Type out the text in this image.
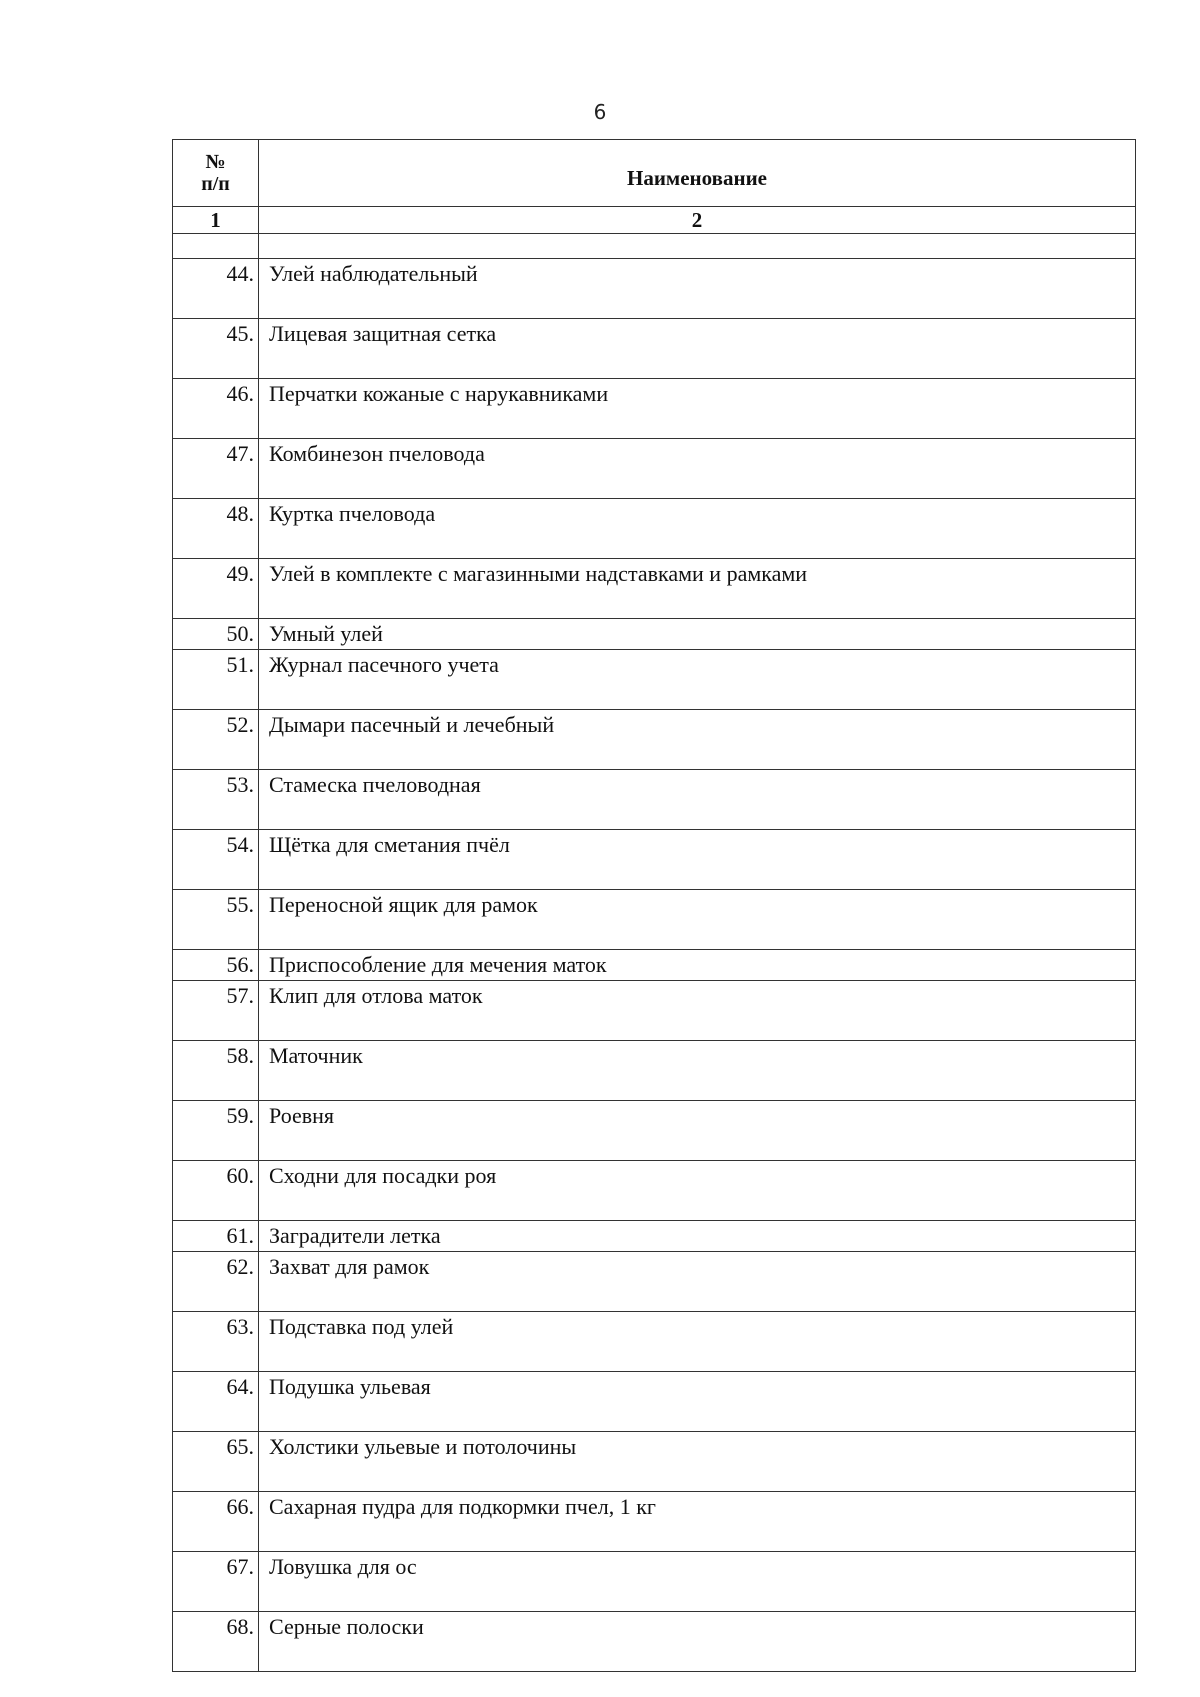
6
№
п/п	Наименование
1	2

44.	Улей наблюдательный
45.	Лицевая защитная сетка
46.	Перчатки кожаные с нарукавниками
47.	Комбинезон пчеловода
48.	Куртка пчеловода
49.	Улей в комплекте с магазинными надставками и рамками
50.	Умный улей
51.	Журнал пасечного учета
52.	Дымари пасечный и лечебный
53.	Стамеска пчеловодная
54.	Щётка для сметания пчёл
55.	Переносной ящик для рамок
56.	Приспособление для мечения маток
57.	Клип для отлова маток
58.	Маточник
59.	Роевня
60.	Сходни для посадки роя
61.	Заградители летка
62.	Захват для рамок
63.	Подставка под улей
64.	Подушка ульевая
65.	Холстики ульевые и потолочины
66.	Сахарная пудра для подкормки пчел, 1 кг
67.	Ловушка для ос
68.	Серные полоски
